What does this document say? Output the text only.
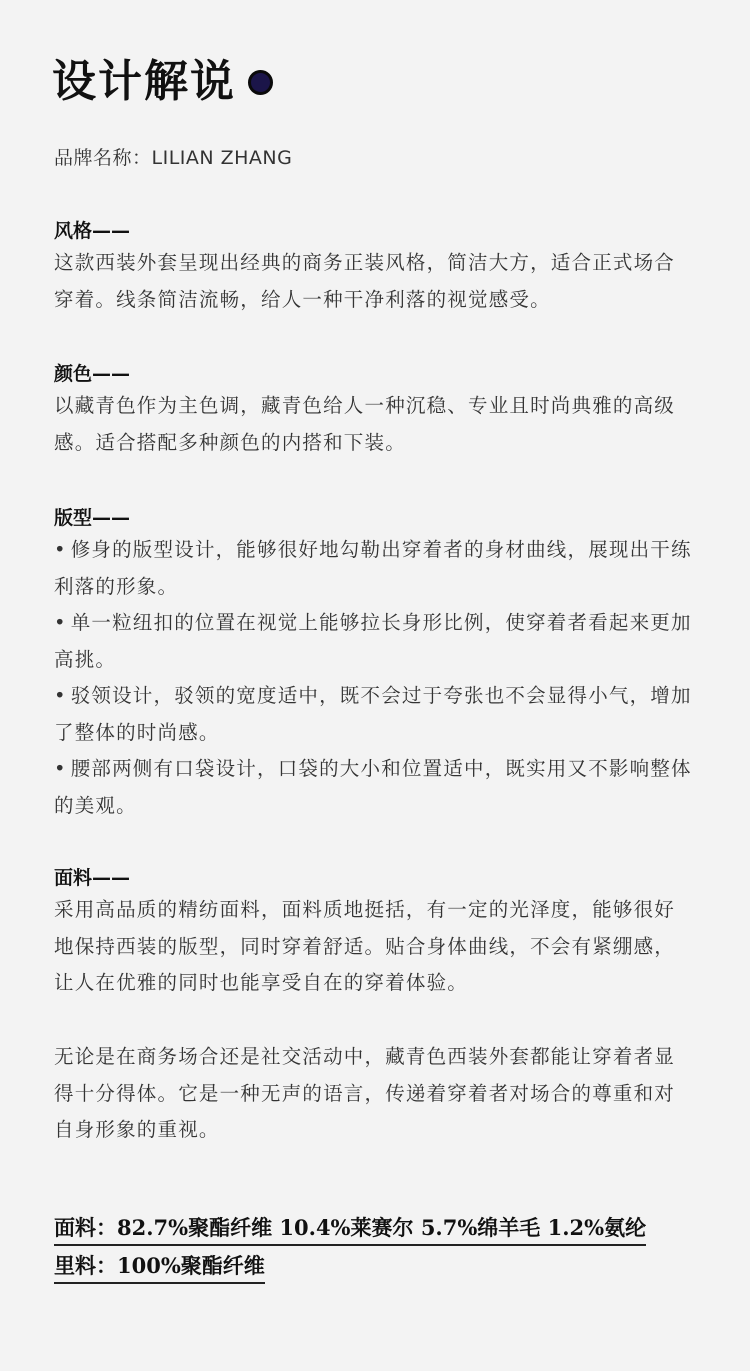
设计解说
品牌名称：LILIAN ZHANG

风格——

这款西装外套呈现出经典的商务正装风格，简洁大方，适合正式场合

穿着。线条简洁流畅，给人一种干净利落的视觉感受。

颜色——

以藏青色作为主色调，藏青色给人一种沉稳、专业且时尚典雅的高级

感。适合搭配多种颜色的内搭和下装。

版型——

• 修身的版型设计，能够很好地勾勒出穿着者的身材曲线，展现出干练

利落的形象。

• 单一粒纽扣的位置在视觉上能够拉长身形比例，使穿着者看起来更加

高挑。

• 驳领设计，驳领的宽度适中，既不会过于夸张也不会显得小气，增加

了整体的时尚感。

• 腰部两侧有口袋设计，口袋的大小和位置适中，既实用又不影响整体

的美观。

面料——

采用高品质的精纺面料，面料质地挺括，有一定的光泽度，能够很好

地保持西装的版型，同时穿着舒适。贴合身体曲线，不会有紧绷感，

让人在优雅的同时也能享受自在的穿着体验。

无论是在商务场合还是社交活动中，藏青色西装外套都能让穿着者显

得十分得体。它是一种无声的语言，传递着穿着者对场合的尊重和对

自身形象的重视。

面料：82.7%聚酯纤维 10.4%莱赛尔 5.7%绵羊毛 1.2%氨纶
里料：100%聚酯纤维
